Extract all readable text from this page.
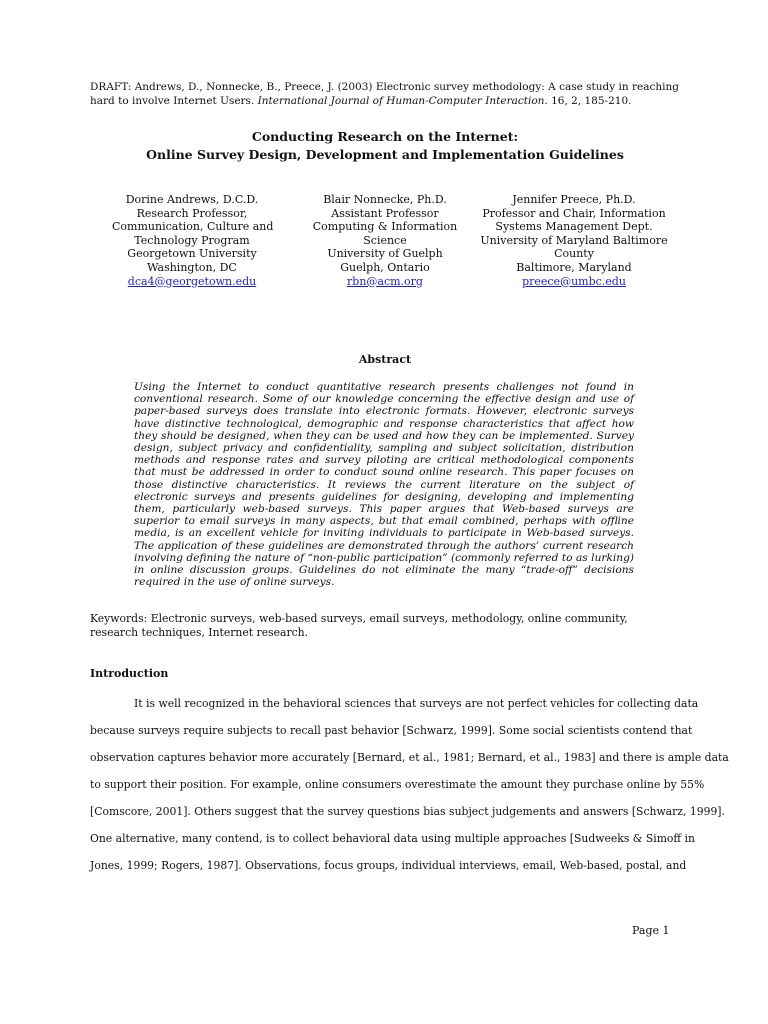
DRAFT: Andrews, D., Nonnecke, B., Preece, J. (2003) Electronic survey methodology: A case study in reaching hard to involve Internet Users. International Journal of Human-Computer Interaction. 16, 2, 185-210.
Conducting Research on the Internet:
Online Survey Design, Development and Implementation Guidelines
Dorine Andrews, D.C.D.
Research Professor,
Communication, Culture and
Technology Program
Georgetown University
Washington, DC
dca4@georgetown.edu
Blair Nonnecke, Ph.D.
Assistant Professor
Computing & Information
Science
University of Guelph
Guelph, Ontario
rbn@acm.org
Jennifer Preece, Ph.D.
Professor and Chair, Information
Systems Management Dept.
University of Maryland Baltimore
County
Baltimore, Maryland
preece@umbc.edu
Abstract
Using the Internet to conduct quantitative research presents challenges not found in conventional research. Some of our knowledge concerning the effective design and use of paper-based surveys does translate into electronic formats. However, electronic surveys have distinctive technological, demographic and response characteristics that affect how they should be designed, when they can be used and how they can be implemented. Survey design, subject privacy and confidentiality, sampling and subject solicitation, distribution methods and response rates and survey piloting are critical methodological components that must be addressed in order to conduct sound online research. This paper focuses on those distinctive characteristics. It reviews the current literature on the subject of electronic surveys and presents guidelines for designing, developing and implementing them, particularly web-based surveys. This paper argues that Web-based surveys are superior to email surveys in many aspects, but that email combined, perhaps with offline media, is an excellent vehicle for inviting individuals to participate in Web-based surveys. The application of these guidelines are demonstrated through the authors’ current research involving defining the nature of “non-public participation” (commonly referred to as lurking) in online discussion groups. Guidelines do not eliminate the many “trade-off” decisions required in the use of online surveys.
Keywords: Electronic surveys, web-based surveys, email surveys, methodology, online community, research techniques, Internet research.
Introduction
It is well recognized in the behavioral sciences that surveys are not perfect vehicles for collecting data
because surveys require subjects to recall past behavior [Schwarz, 1999]. Some social scientists contend that
observation captures behavior more accurately [Bernard, et al., 1981; Bernard, et al., 1983] and there is ample data
to support their position. For example, online consumers overestimate the amount they purchase online by 55%
[Comscore, 2001]. Others suggest that the survey questions bias subject judgements and answers [Schwarz, 1999].
One alternative, many contend, is to collect behavioral data using multiple approaches [Sudweeks & Simoff in
Jones, 1999; Rogers, 1987]. Observations, focus groups, individual interviews, email, Web-based, postal, and
Page 1
